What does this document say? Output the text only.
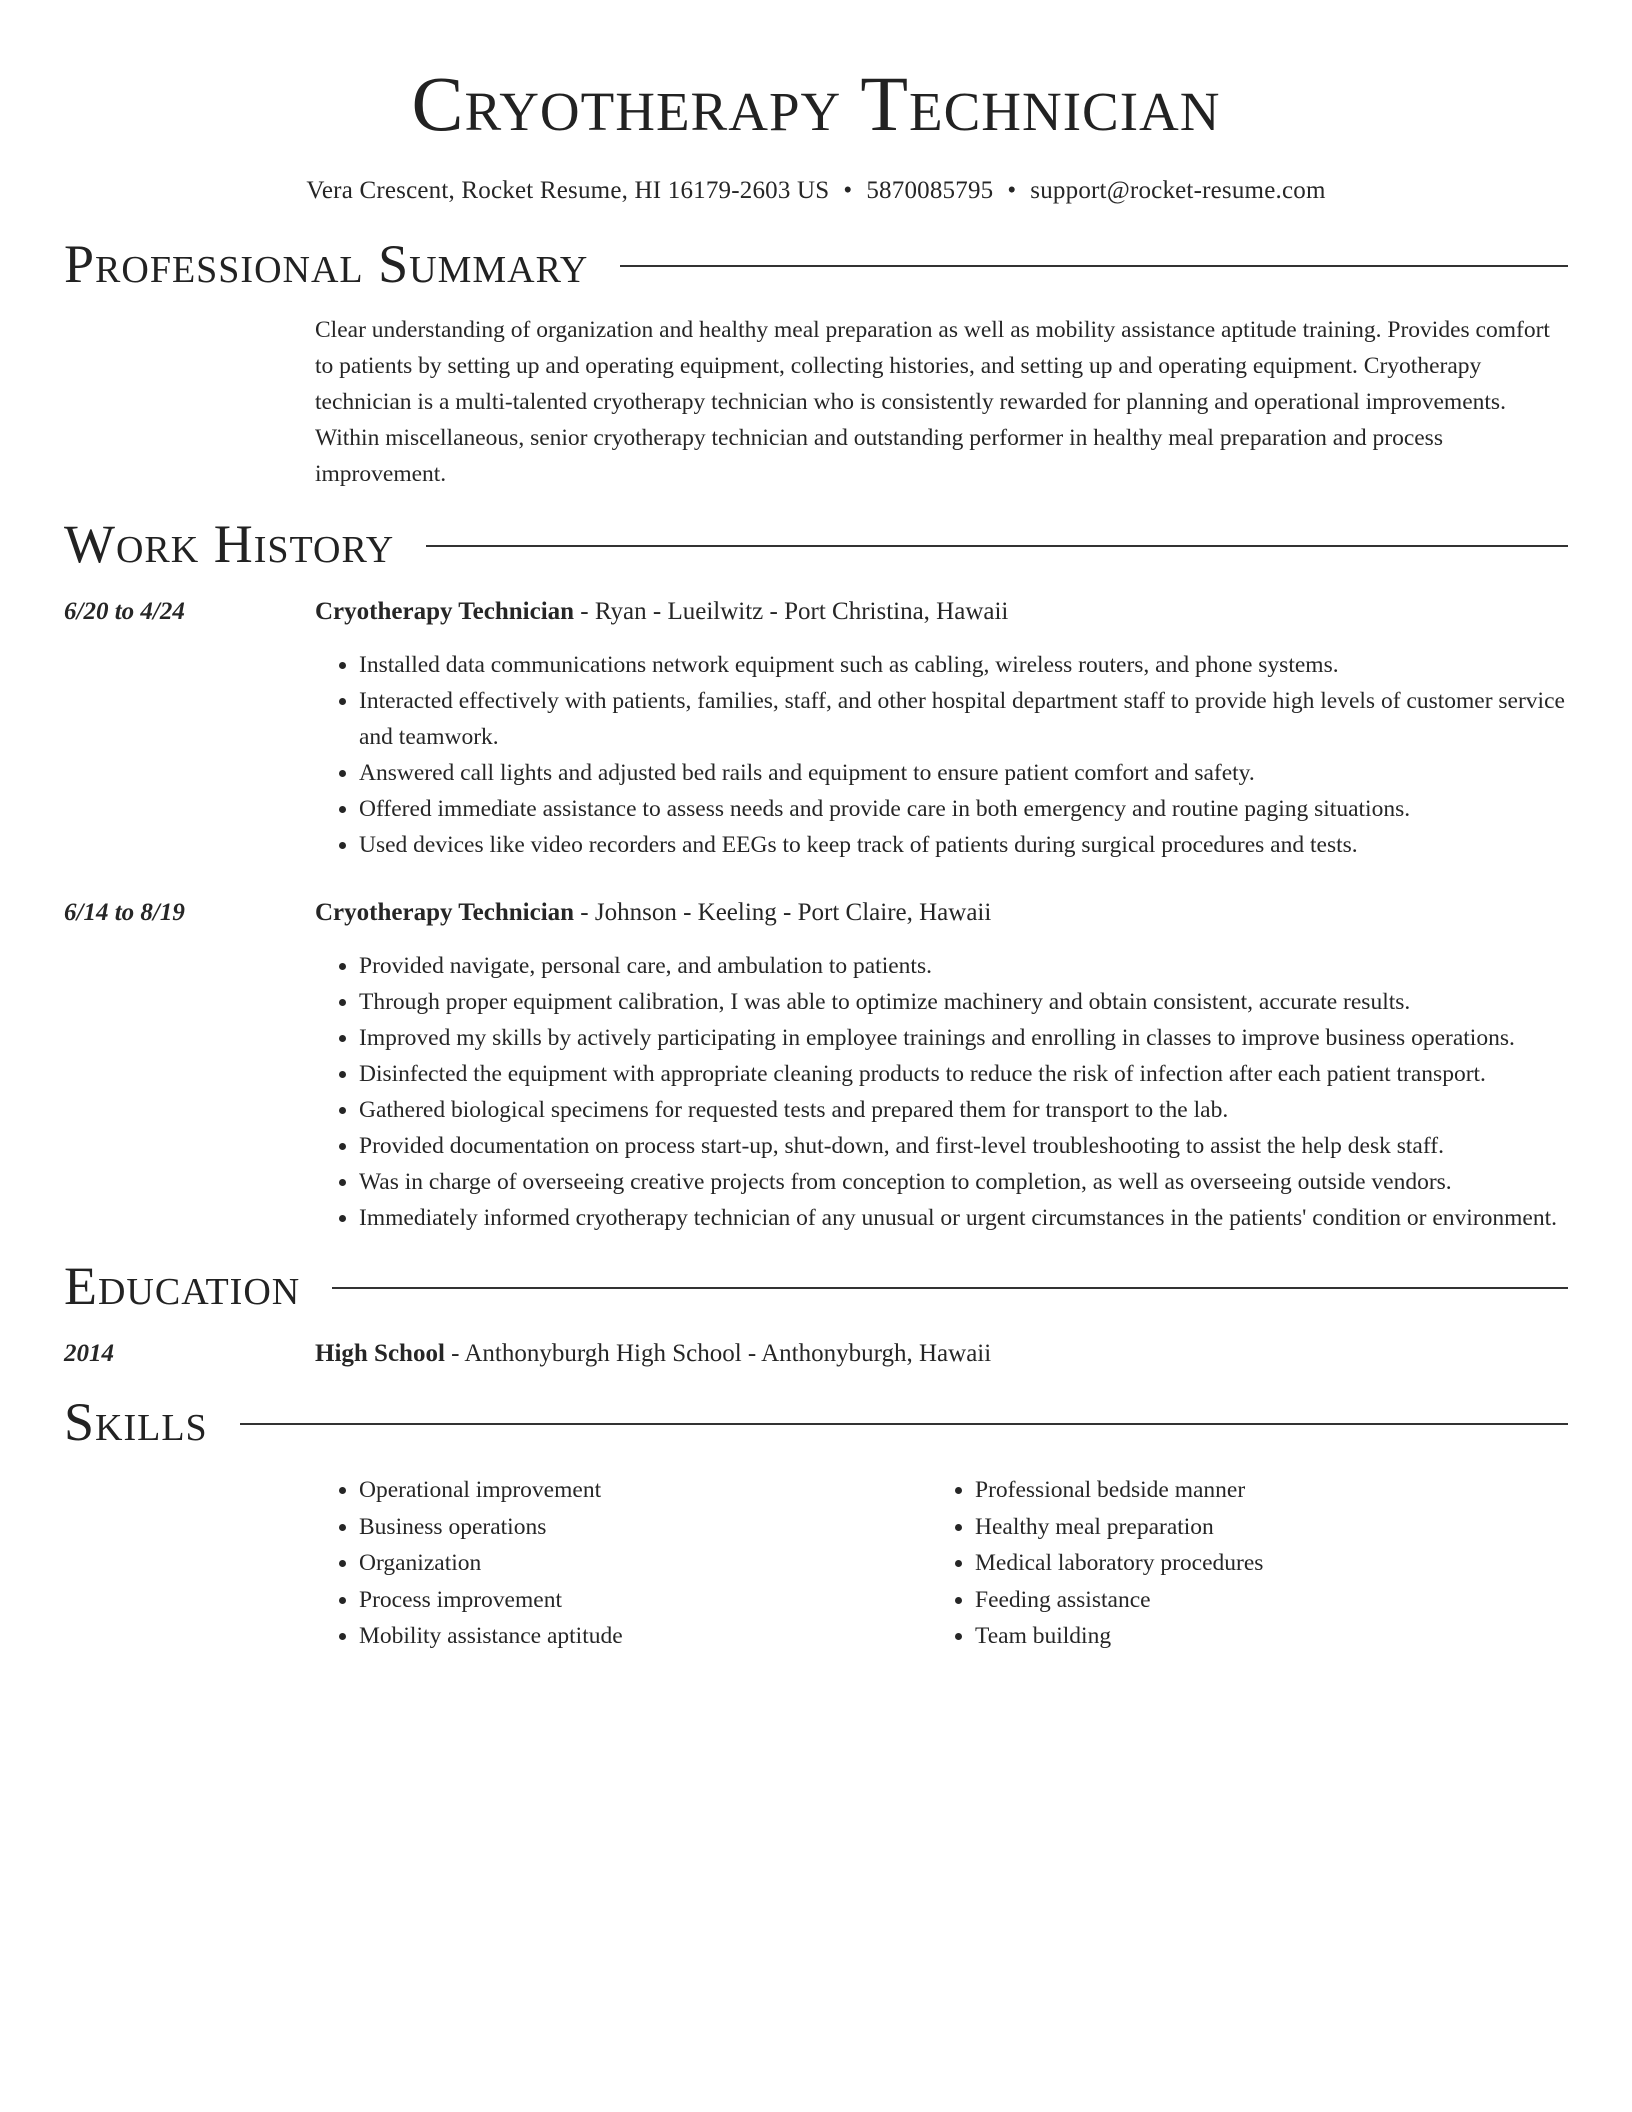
Cryotherapy Technician
Vera Crescent, Rocket Resume, HI 16179-2603 US • 5870085795 • support@rocket-resume.com
Professional Summary
Clear understanding of organization and healthy meal preparation as well as mobility assistance aptitude training. Provides comfort to patients by setting up and operating equipment, collecting histories, and setting up and operating equipment. Cryotherapy technician is a multi-talented cryotherapy technician who is consistently rewarded for planning and operational improvements. Within miscellaneous, senior cryotherapy technician and outstanding performer in healthy meal preparation and process improvement.
Work History
6/20 to 4/24	Cryotherapy Technician - Ryan - Lueilwitz - Port Christina, Hawaii
• Installed data communications network equipment such as cabling, wireless routers, and phone systems.
• Interacted effectively with patients, families, staff, and other hospital department staff to provide high levels of customer service and teamwork.
• Answered call lights and adjusted bed rails and equipment to ensure patient comfort and safety.
• Offered immediate assistance to assess needs and provide care in both emergency and routine paging situations.
• Used devices like video recorders and EEGs to keep track of patients during surgical procedures and tests.
6/14 to 8/19	Cryotherapy Technician - Johnson - Keeling - Port Claire, Hawaii
• Provided navigate, personal care, and ambulation to patients.
• Through proper equipment calibration, I was able to optimize machinery and obtain consistent, accurate results.
• Improved my skills by actively participating in employee trainings and enrolling in classes to improve business operations.
• Disinfected the equipment with appropriate cleaning products to reduce the risk of infection after each patient transport.
• Gathered biological specimens for requested tests and prepared them for transport to the lab.
• Provided documentation on process start-up, shut-down, and first-level troubleshooting to assist the help desk staff.
• Was in charge of overseeing creative projects from conception to completion, as well as overseeing outside vendors.
• Immediately informed cryotherapy technician of any unusual or urgent circumstances in the patients' condition or environment.
Education
2014	High School - Anthonyburgh High School - Anthonyburgh, Hawaii
Skills
• Operational improvement
• Business operations
• Organization
• Process improvement
• Mobility assistance aptitude
• Professional bedside manner
• Healthy meal preparation
• Medical laboratory procedures
• Feeding assistance
• Team building
